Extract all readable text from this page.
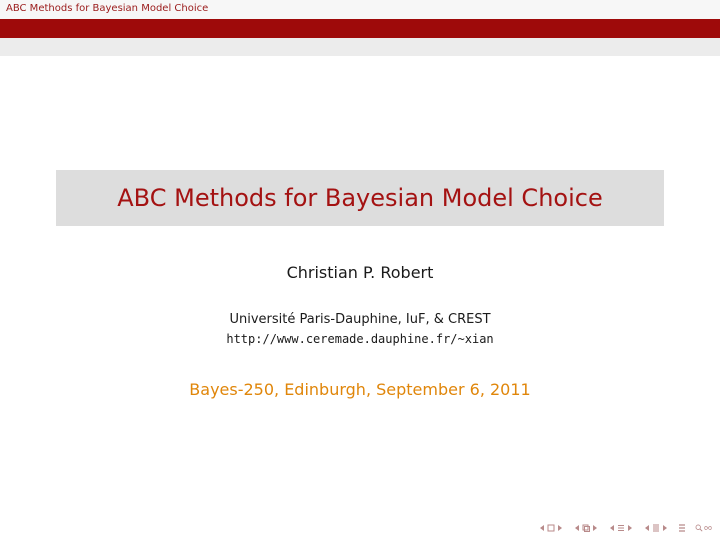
ABC Methods for Bayesian Model Choice
ABC Methods for Bayesian Model Choice
Christian P. Robert
Université Paris-Dauphine, IuF, & CREST
http://www.ceremade.dauphine.fr/~xian
Bayes-250, Edinburgh, September 6, 2011
